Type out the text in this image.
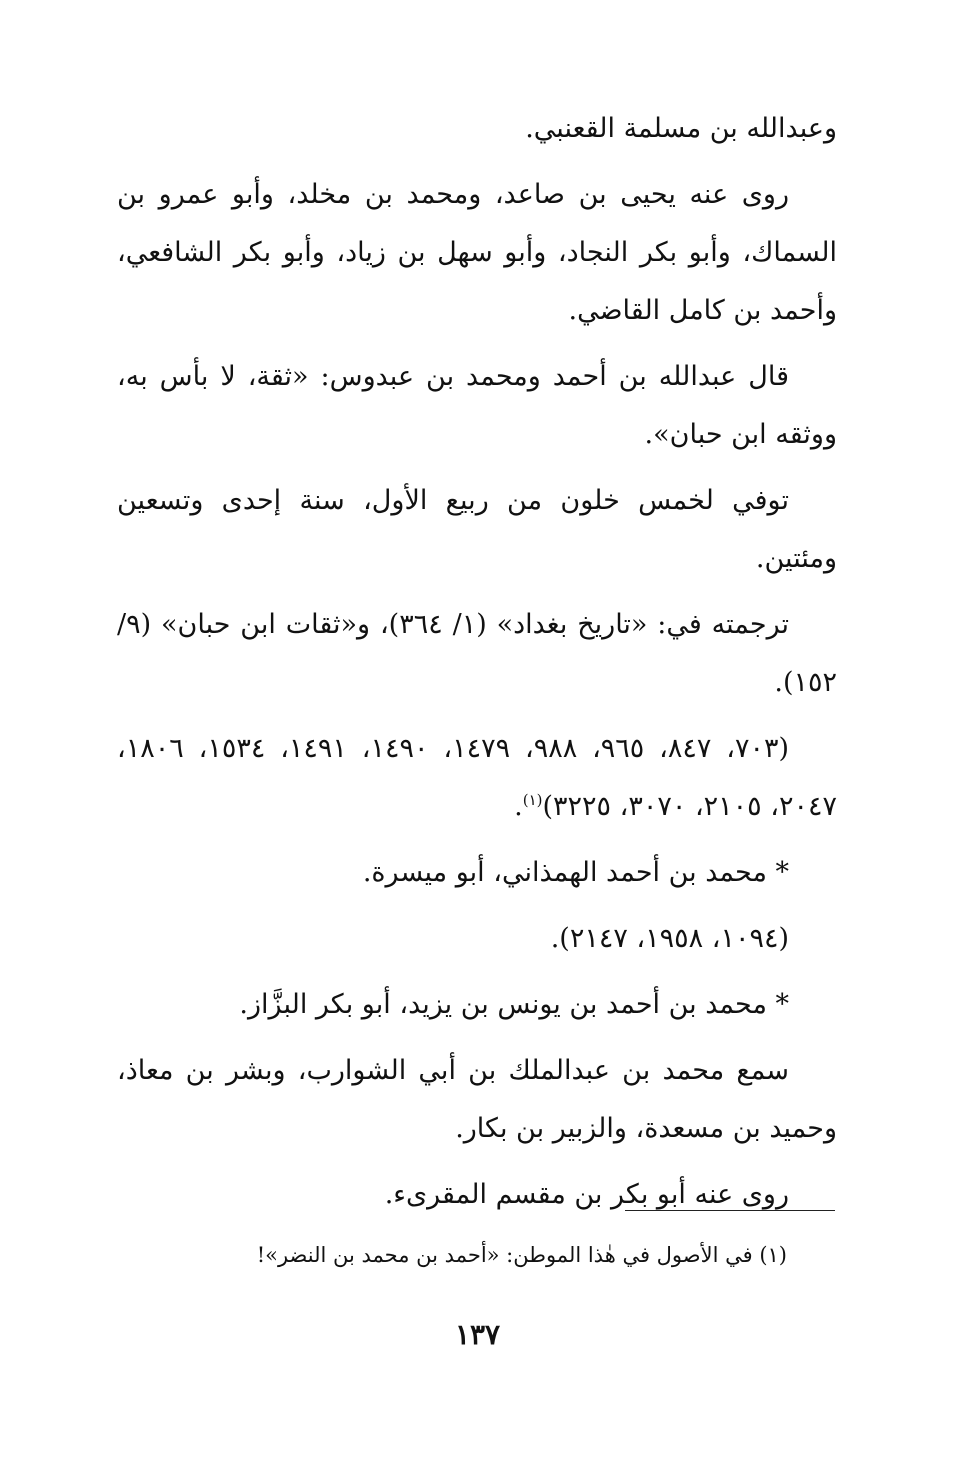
وعبدالله بن مسلمة القعنبي.

روى عنه يحيى بن صاعد، ومحمد بن مخلد، وأبو عمرو بن السماك، وأبو بكر النجاد، وأبو سهل بن زياد، وأبو بكر الشافعي، وأحمد بن كامل القاضي.

قال عبدالله بن أحمد ومحمد بن عبدوس: «ثقة، لا بأس به، ووثقه ابن حبان».

توفي لخمس خلون من ربيع الأول، سنة إحدى وتسعين ومئتين.

ترجمته في: «تاريخ بغداد» (١/ ٣٦٤)، و«ثقات ابن حبان» (٩/ ١٥٢).

(٧٠٣، ٨٤٧، ٩٦٥، ٩٨٨، ١٤٧٩، ١٤٩٠، ١٤٩١، ١٥٣٤، ١٨٠٦، ٢٠٤٧، ٢١٠٥، ٣٠٧٠، ٣٢٢٥)$^{(١)}$.

* محمد بن أحمد الهمذاني، أبو ميسرة.

(١٠٩٤، ١٩٥٨، ٢١٤٧).

* محمد بن أحمد بن يونس بن يزيد، أبو بكر البزَّاز.

سمع محمد بن عبدالملك بن أبي الشوارب، وبشر بن معاذ، وحميد بن مسعدة، والزبير بن بكار.

روى عنه أبو بكر بن مقسم المقرىء.

(١) في الأصول في هٰذا الموطن: «أحمد بن محمد بن النضر»!
١٣٧
